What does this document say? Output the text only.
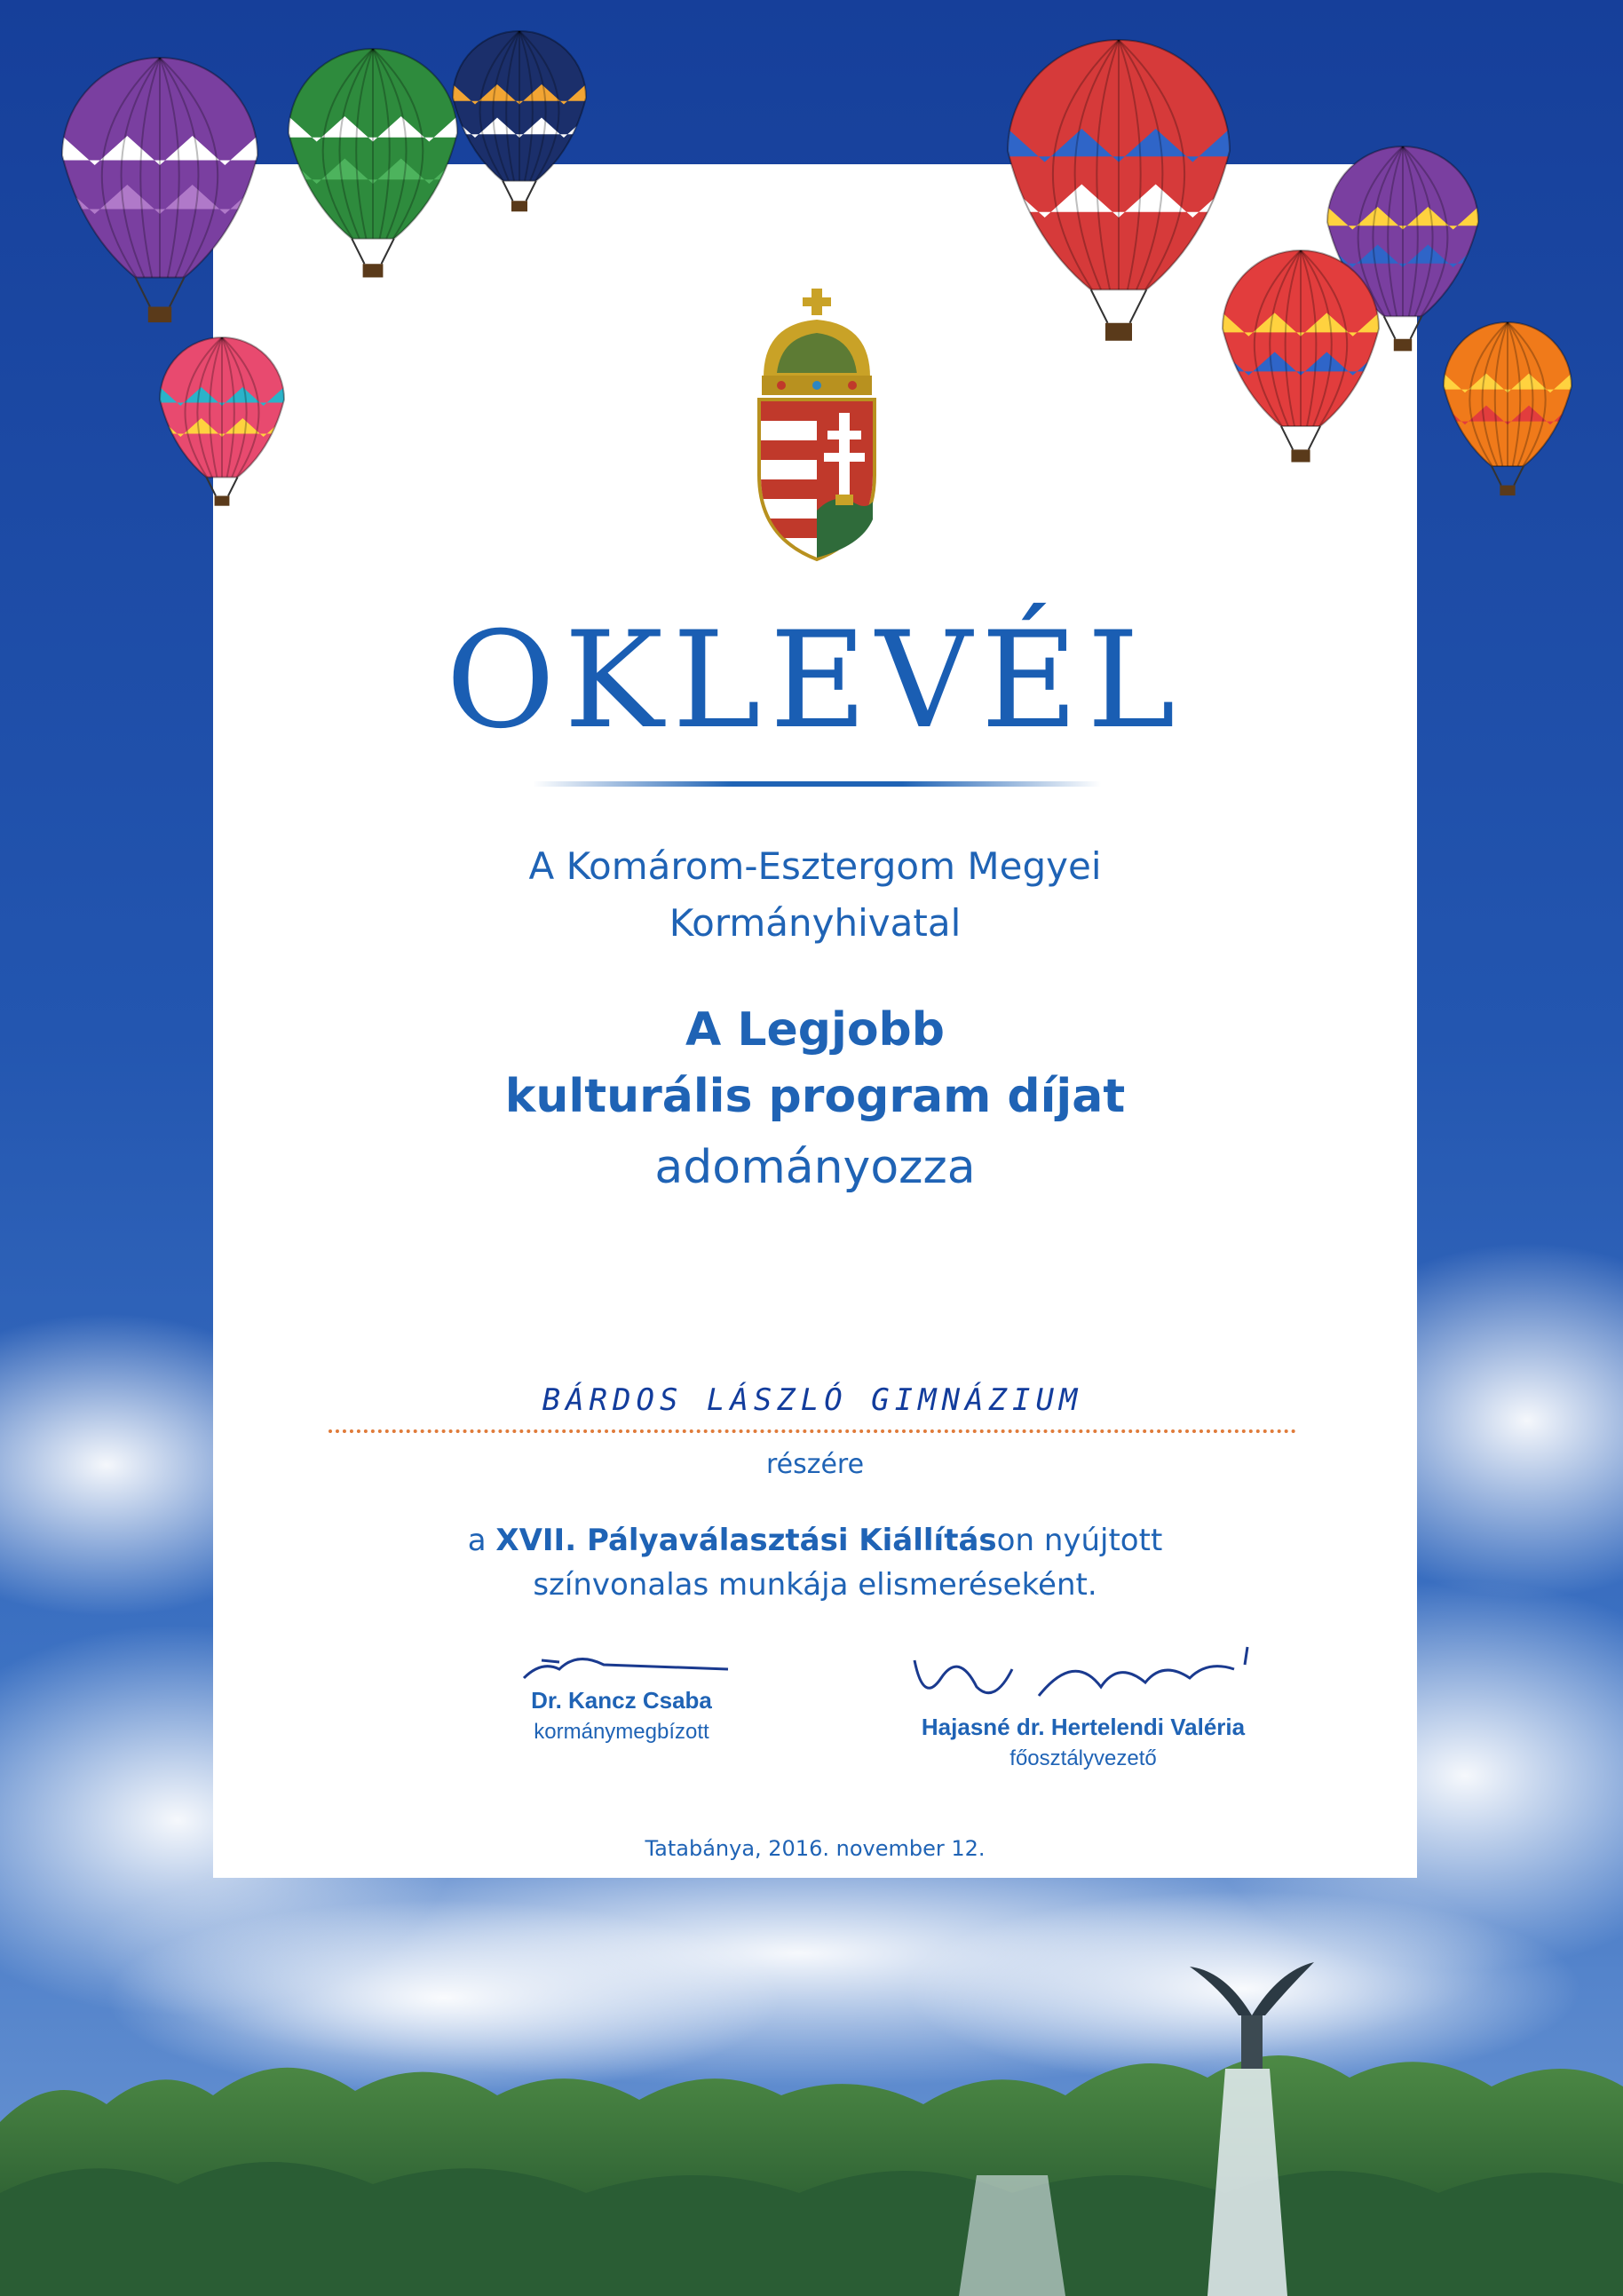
OKLEVÉL
A Komárom-Esztergom Megyei
Kormányhivatal
A Legjobb
kulturális program díjat
adományozza
BÁRDOS LÁSZLÓ GIMNÁZIUM
részére
a XVII. Pályaválasztási Kiállításon nyújtott
színvonalas munkája elismeréseként.
Dr. Kancz Csaba
kormánymegbízott	Hajasné dr. Hertelendi Valéria
főosztályvezető
Tatabánya, 2016. november 12.
